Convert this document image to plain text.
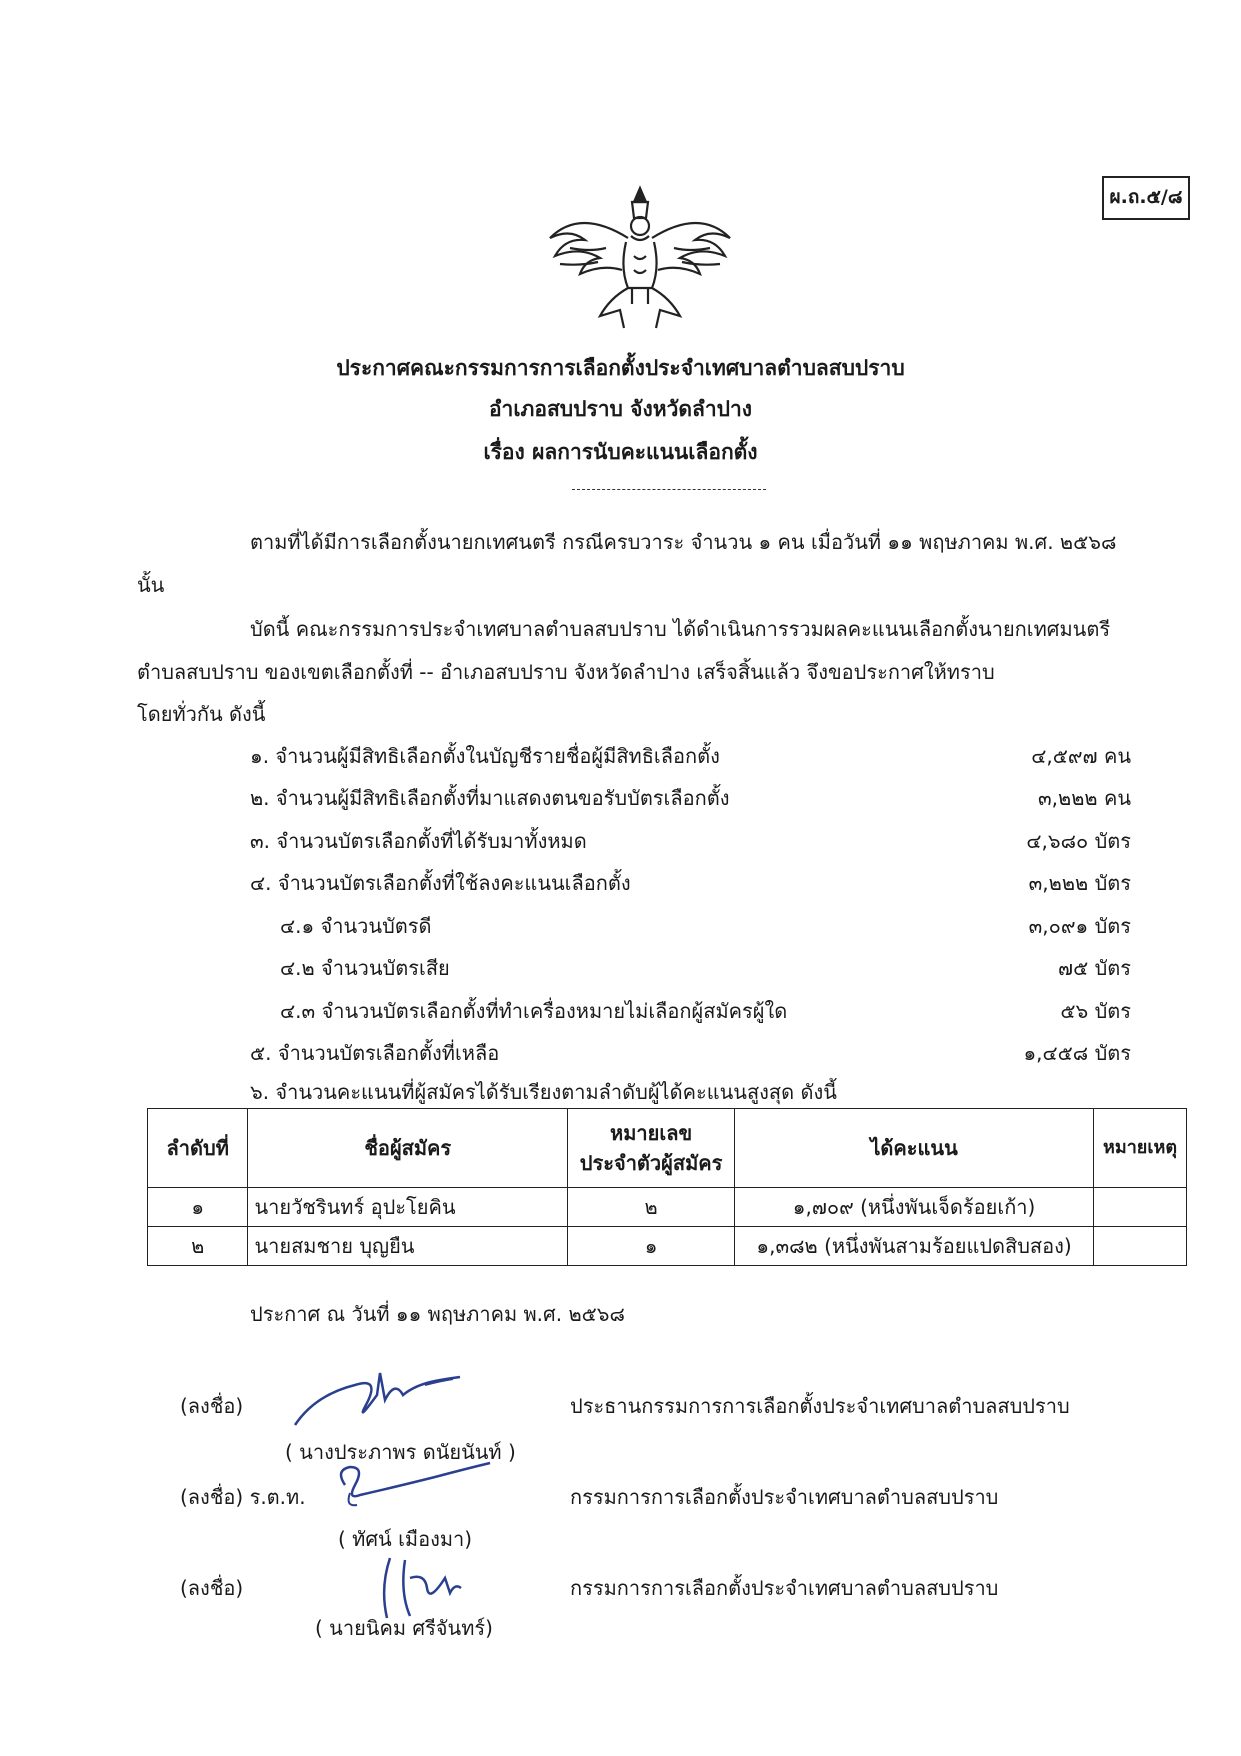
ผ.ถ.๕/๘
ประกาศคณะกรรมการการเลือกตั้งประจำเทศบาลตำบลสบปราบ
อำเภอสบปราบ จังหวัดลำปาง
เรื่อง ผลการนับคะแนนเลือกตั้ง
ตามที่ได้มีการเลือกตั้งนายกเทศนตรี กรณีครบวาระ จำนวน ๑ คน เมื่อวันที่ ๑๑ พฤษภาคม พ.ศ. ๒๕๖๘
นั้น
บัดนี้ คณะกรรมการประจำเทศบาลตำบลสบปราบ ได้ดำเนินการรวมผลคะแนนเลือกตั้งนายกเทศมนตรี
ตำบลสบปราบ ของเขตเลือกตั้งที่ -- อำเภอสบปราบ จังหวัดลำปาง เสร็จสิ้นแล้ว จึงขอประกาศให้ทราบ
โดยทั่วกัน ดังนี้
๑. จำนวนผู้มีสิทธิเลือกตั้งในบัญชีรายชื่อผู้มีสิทธิเลือกตั้ง	๔,๕๙๗ คน
๒. จำนวนผู้มีสิทธิเลือกตั้งที่มาแสดงตนขอรับบัตรเลือกตั้ง	๓,๒๒๒ คน
๓. จำนวนบัตรเลือกตั้งที่ได้รับมาทั้งหมด	๔,๖๘๐ บัตร
๔. จำนวนบัตรเลือกตั้งที่ใช้ลงคะแนนเลือกตั้ง	๓,๒๒๒ บัตร
๔.๑ จำนวนบัตรดี	๓,๐๙๑ บัตร
๔.๒ จำนวนบัตรเสีย	๗๕ บัตร
๔.๓ จำนวนบัตรเลือกตั้งที่ทำเครื่องหมายไม่เลือกผู้สมัครผู้ใด	๕๖ บัตร
๕. จำนวนบัตรเลือกตั้งที่เหลือ	๑,๔๕๘ บัตร
๖. จำนวนคะแนนที่ผู้สมัครได้รับเรียงตามลำดับผู้ได้คะแนนสูงสุด ดังนี้
ลำดับที่	ชื่อผู้สมัคร	หมายเลข
ประจำตัวผู้สมัคร	ได้คะแนน	หมายเหตุ
๑	นายวัชรินทร์ อุปะโยคิน	๒	๑,๗๐๙ (หนึ่งพันเจ็ดร้อยเก้า)	
๒	นายสมชาย บุญยืน	๑	๑,๓๘๒ (หนึ่งพันสามร้อยแปดสิบสอง)	
ประกาศ ณ วันที่ ๑๑ พฤษภาคม พ.ศ. ๒๕๖๘
(ลงชื่อ)
( นางประภาพร ดนัยนันท์ )
ประธานกรรมการการเลือกตั้งประจำเทศบาลตำบลสบปราบ
(ลงชื่อ) ร.ต.ท.
( ทัศน์ เมืองมา)
กรรมการการเลือกตั้งประจำเทศบาลตำบลสบปราบ
(ลงชื่อ)
( นายนิคม ศรีจันทร์)
กรรมการการเลือกตั้งประจำเทศบาลตำบลสบปราบ
